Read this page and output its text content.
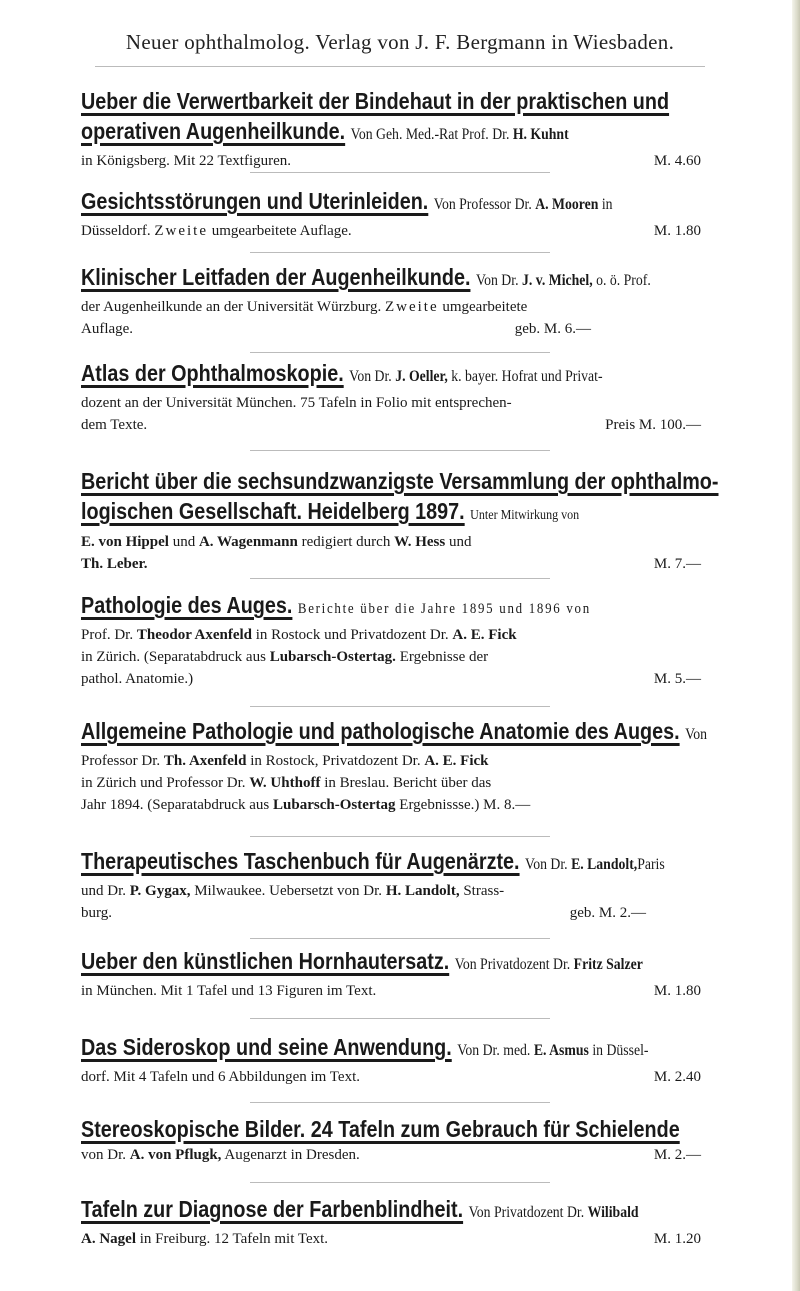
Neuer ophthalmolog. Verlag von J. F. Bergmann in Wiesbaden.
Ueber die Verwertbarkeit der Bindehaut in der praktischen und
operativen Augenheilkunde. Von Geh. Med.-Rat Prof. Dr. H. Kuhnt
in Königsberg. Mit 22 Textfiguren.	M. 4.60
Gesichtsstörungen und Uterinleiden. Von Professor Dr. A. Mooren in
Düsseldorf. Zweite umgearbeitete Auflage.	M. 1.80
Klinischer Leitfaden der Augenheilkunde. Von Dr. J. v. Michel, o. ö. Prof.
der Augenheilkunde an der Universität Würzburg. Zweite umgearbeitete
Auflage.	geb. M. 6.—
Atlas der Ophthalmoskopie. Von Dr. J. Oeller, k. bayer. Hofrat und Privat-
dozent an der Universität München. 75 Tafeln in Folio mit entsprechen-
dem Texte.	Preis M. 100.—
Bericht über die sechsundzwanzigste Versammlung der ophthalmo-
logischen Gesellschaft. Heidelberg 1897. Unter Mitwirkung von
E. von Hippel und A. Wagenmann redigiert durch W. Hess und
Th. Leber.	M. 7.—
Pathologie des Auges. Berichte über die Jahre 1895 und 1896 von
Prof. Dr. Theodor Axenfeld in Rostock und Privatdozent Dr. A. E. Fick
in Zürich. (Separatabdruck aus Lubarsch-Ostertag. Ergebnisse der
pathol. Anatomie.)	M. 5.—
Allgemeine Pathologie und pathologische Anatomie des Auges. Von
Professor Dr. Th. Axenfeld in Rostock, Privatdozent Dr. A. E. Fick
in Zürich und Professor Dr. W. Uhthoff in Breslau. Bericht über das
Jahr 1894. (Separatabdruck aus Lubarsch-Ostertag Ergebnissse.) M. 8.—
Therapeutisches Taschenbuch für Augenärzte. Von Dr. E. Landolt,Paris
und Dr. P. Gygax, Milwaukee. Uebersetzt von Dr. H. Landolt, Strass-
burg.	geb. M. 2.—
Ueber den künstlichen Hornhautersatz. Von Privatdozent Dr. Fritz Salzer
in München. Mit 1 Tafel und 13 Figuren im Text.	M. 1.80
Das Sideroskop und seine Anwendung. Von Dr. med. E. Asmus in Düssel-
dorf. Mit 4 Tafeln und 6 Abbildungen im Text.	M. 2.40
Stereoskopische Bilder. 24 Tafeln zum Gebrauch für Schielende
von Dr. A. von Pflugk, Augenarzt in Dresden.	M. 2.—
Tafeln zur Diagnose der Farbenblindheit. Von Privatdozent Dr. Wilibald
A. Nagel in Freiburg. 12 Tafeln mit Text.	M. 1.20
